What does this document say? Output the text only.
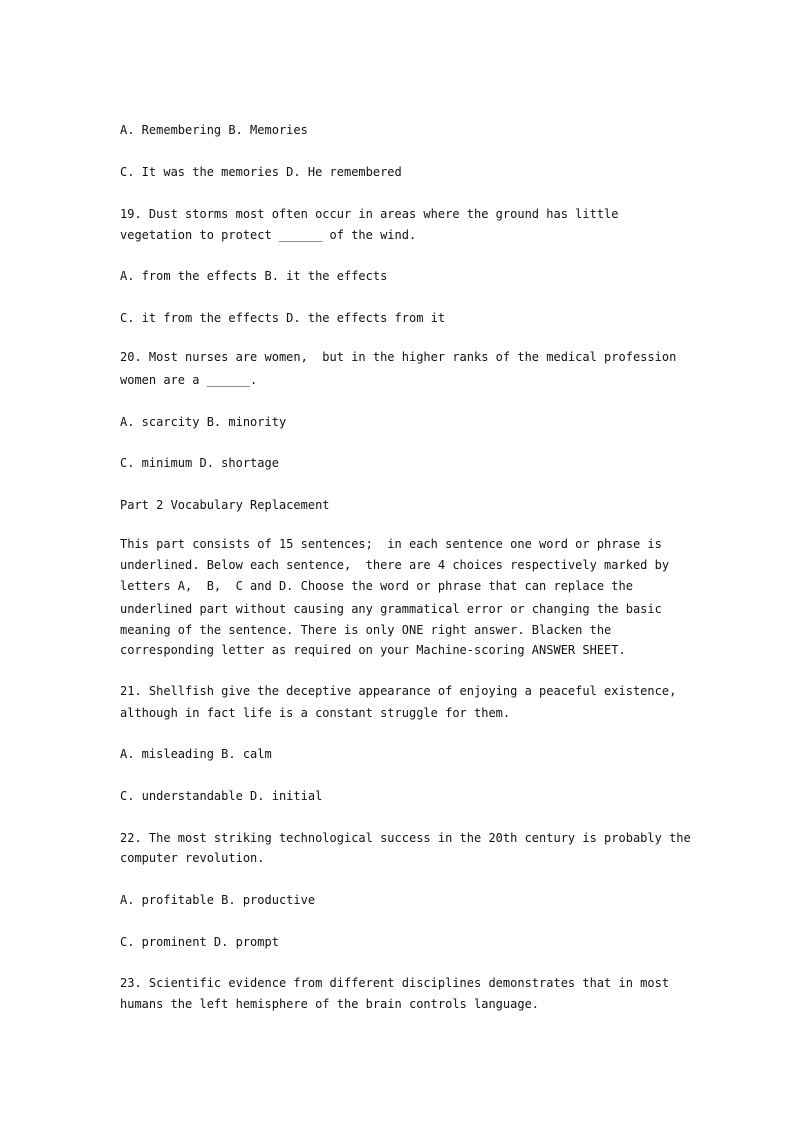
A. Remembering B. Memories
C. It was the memories D. He remembered
19. Dust storms most often occur in areas where the ground has little
vegetation to protect ______ of the wind.
A. from the effects B. it the effects
C. it from the effects D. the effects from it
20. Most nurses are women,  but in the higher ranks of the medical profession
women are a ______.
A. scarcity B. minority
C. minimum D. shortage
Part 2 Vocabulary Replacement
This part consists of 15 sentences;  in each sentence one word or phrase is
underlined. Below each sentence,  there are 4 choices respectively marked by
letters A,  B,  C and D. Choose the word or phrase that can replace the
underlined part without causing any grammatical error or changing the basic
meaning of the sentence. There is only ONE right answer. Blacken the
corresponding letter as required on your Machine-scoring ANSWER SHEET.
21. Shellfish give the deceptive appearance of enjoying a peaceful existence,
although in fact life is a constant struggle for them.
A. misleading B. calm
C. understandable D. initial
22. The most striking technological success in the 20th century is probably the
computer revolution.
A. profitable B. productive
C. prominent D. prompt
23. Scientific evidence from different disciplines demonstrates that in most
humans the left hemisphere of the brain controls language.
